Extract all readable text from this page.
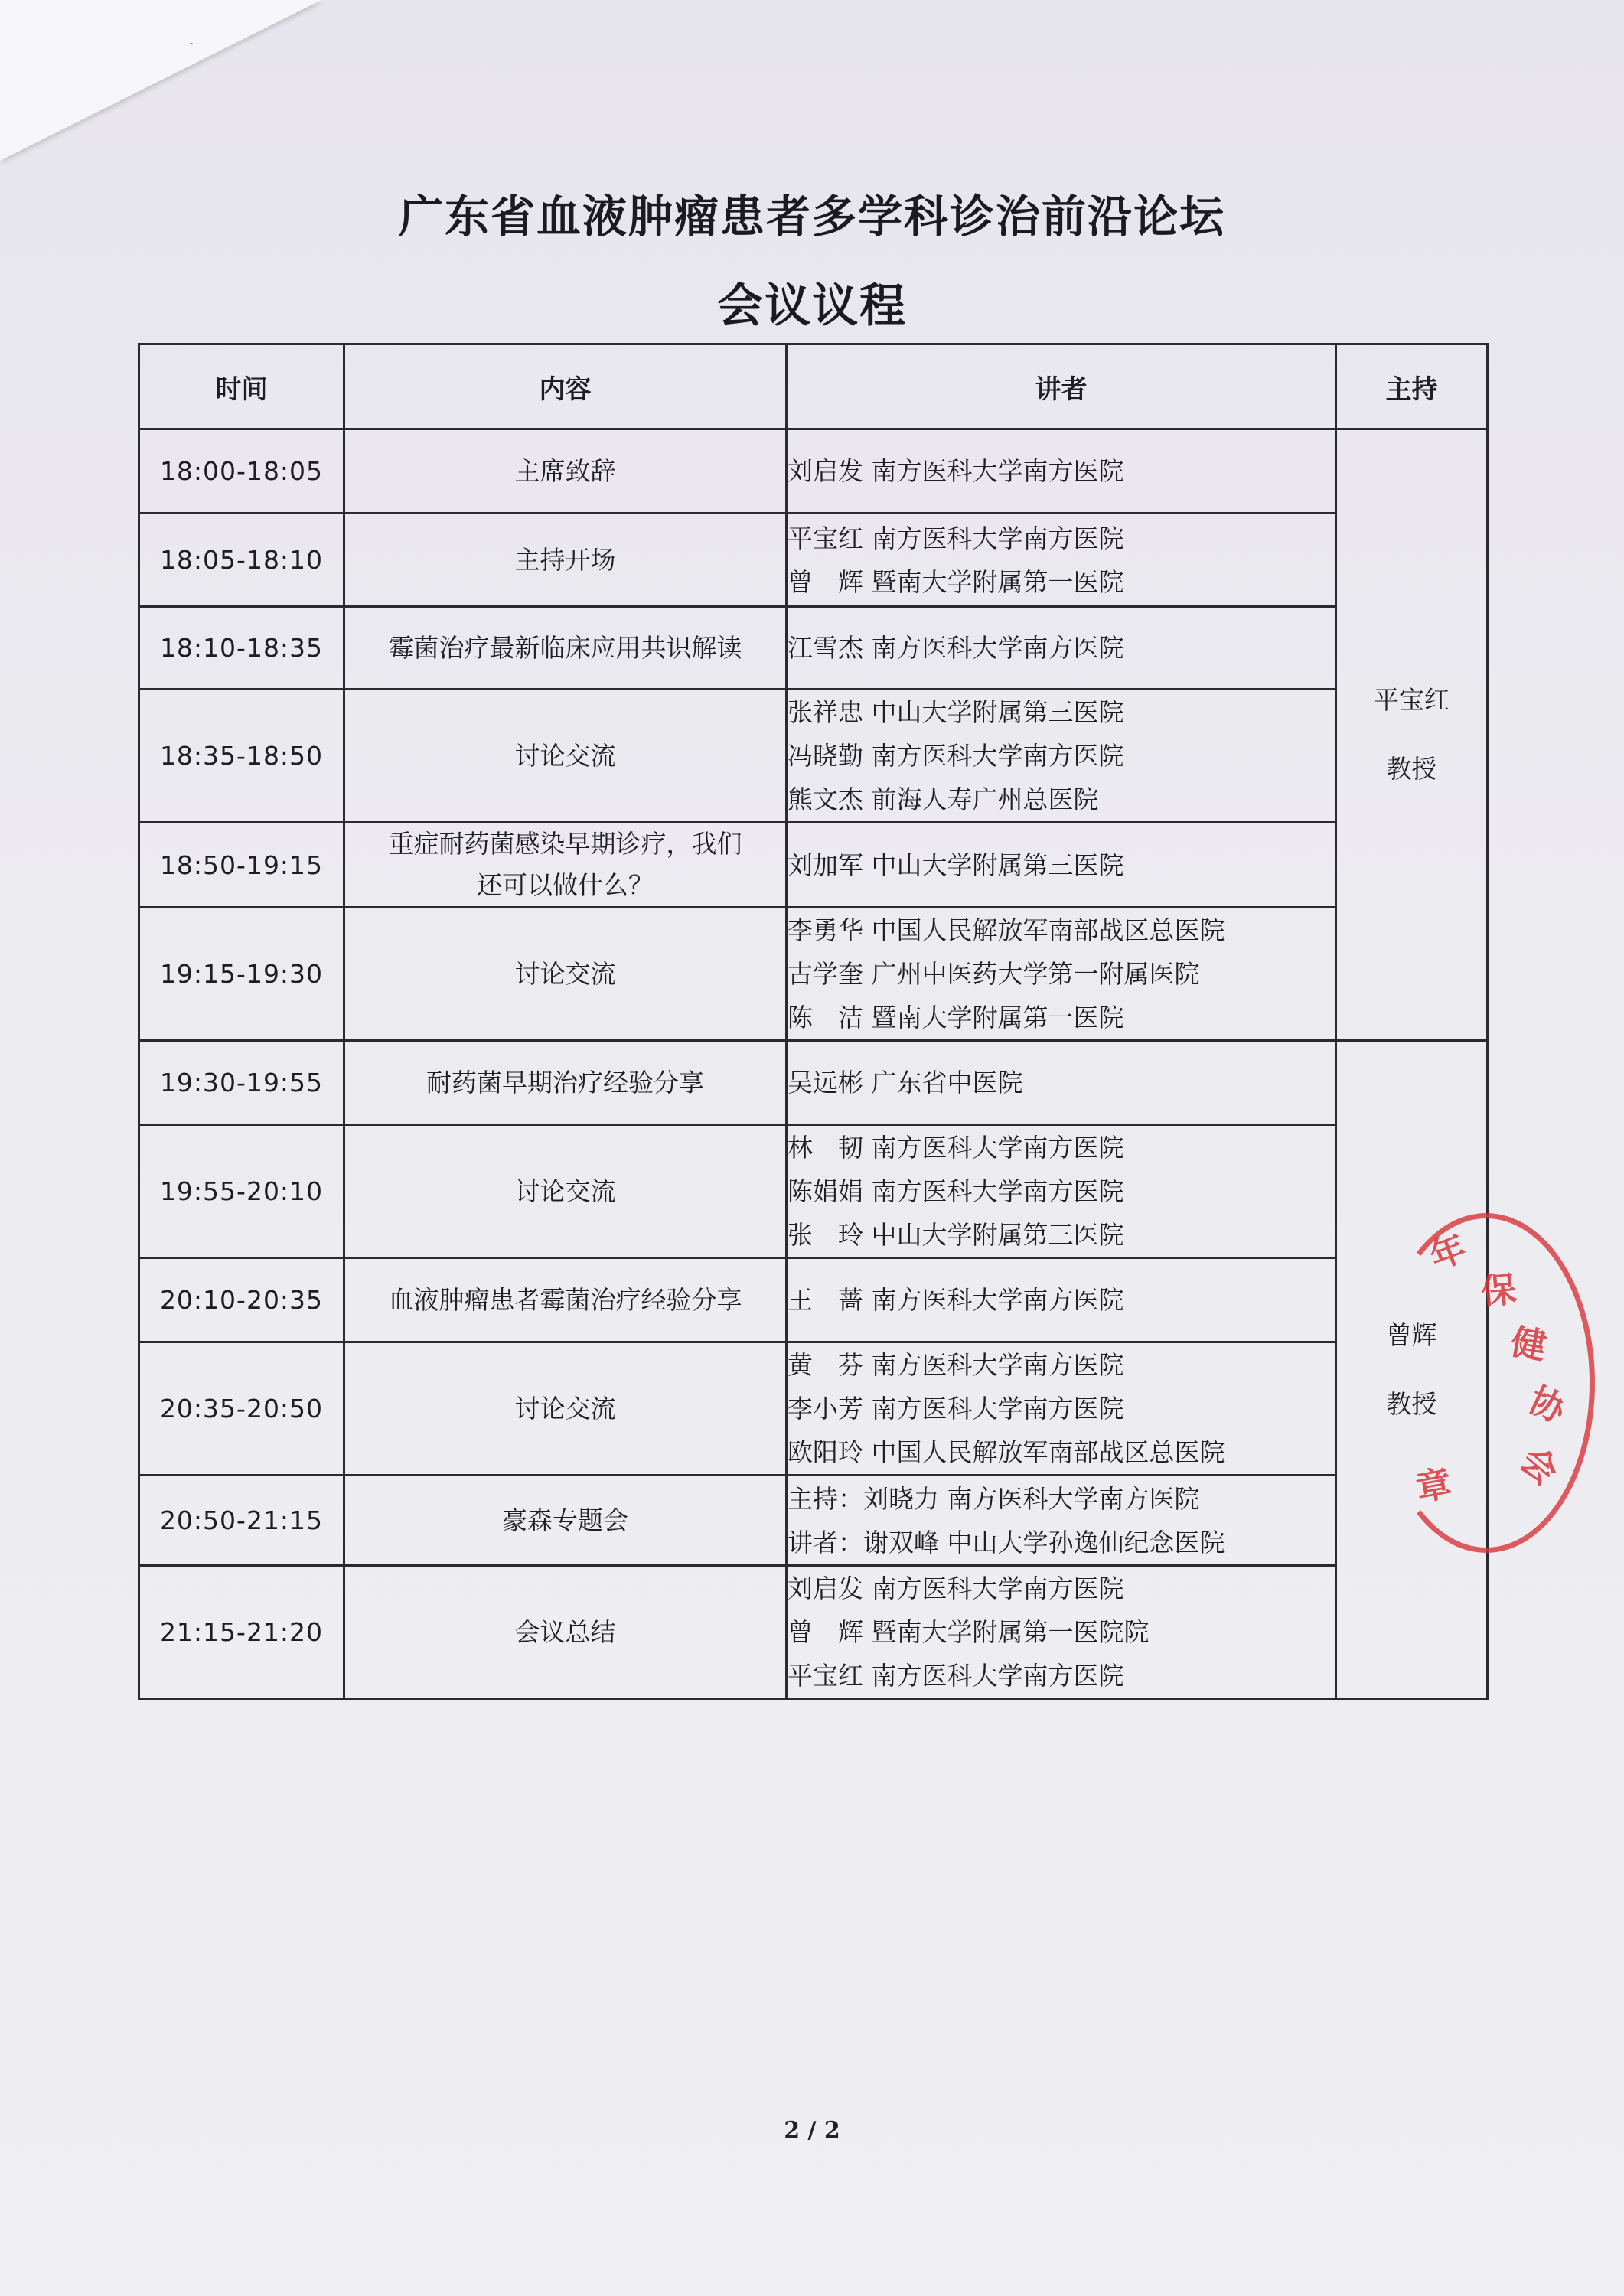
˙
广东省血液肿瘤患者多学科诊治前沿论坛
会议议程
时间	内容	讲者	主持
18:00-18:05	主席致辞	刘启发 南方医科大学南方医院	平宝红
教授

18:05-18:10	主持开场	平宝红 南方医科大学南方医院
曾　辉 暨南大学附属第一医院	

18:10-18:35	霉菌治疗最新临床应用共识解读	江雪杰 南方医科大学南方医院	

18:35-18:50	讨论交流	张祥忠 中山大学附属第三医院
冯晓勤 南方医科大学南方医院
熊文杰 前海人寿广州总医院	

18:50-19:15	重症耐药菌感染早期诊疗，我们
还可以做什么？	刘加军 中山大学附属第三医院	

19:15-19:30	讨论交流	李勇华 中国人民解放军南部战区总医院
古学奎 广州中医药大学第一附属医院
陈　洁 暨南大学附属第一医院	

19:30-19:55	耐药菌早期治疗经验分享	吴远彬 广东省中医院	曾辉
教授

19:55-20:10	讨论交流	林　韧 南方医科大学南方医院
陈娟娟 南方医科大学南方医院
张　玲 中山大学附属第三医院	

20:10-20:35	血液肿瘤患者霉菌治疗经验分享	王　蔷 南方医科大学南方医院	

20:35-20:50	讨论交流	黄　芬 南方医科大学南方医院
李小芳 南方医科大学南方医院
欧阳玲 中国人民解放军南部战区总医院	

20:50-21:15	豪森专题会	主持：刘晓力 南方医科大学南方医院
讲者：谢双峰 中山大学孙逸仙纪念医院	

21:15-21:20	会议总结	刘启发 南方医科大学南方医院
曾　辉 暨南大学附属第一医院院
平宝红 南方医科大学南方医院	
年
保
健
协
会
章
2 / 2
